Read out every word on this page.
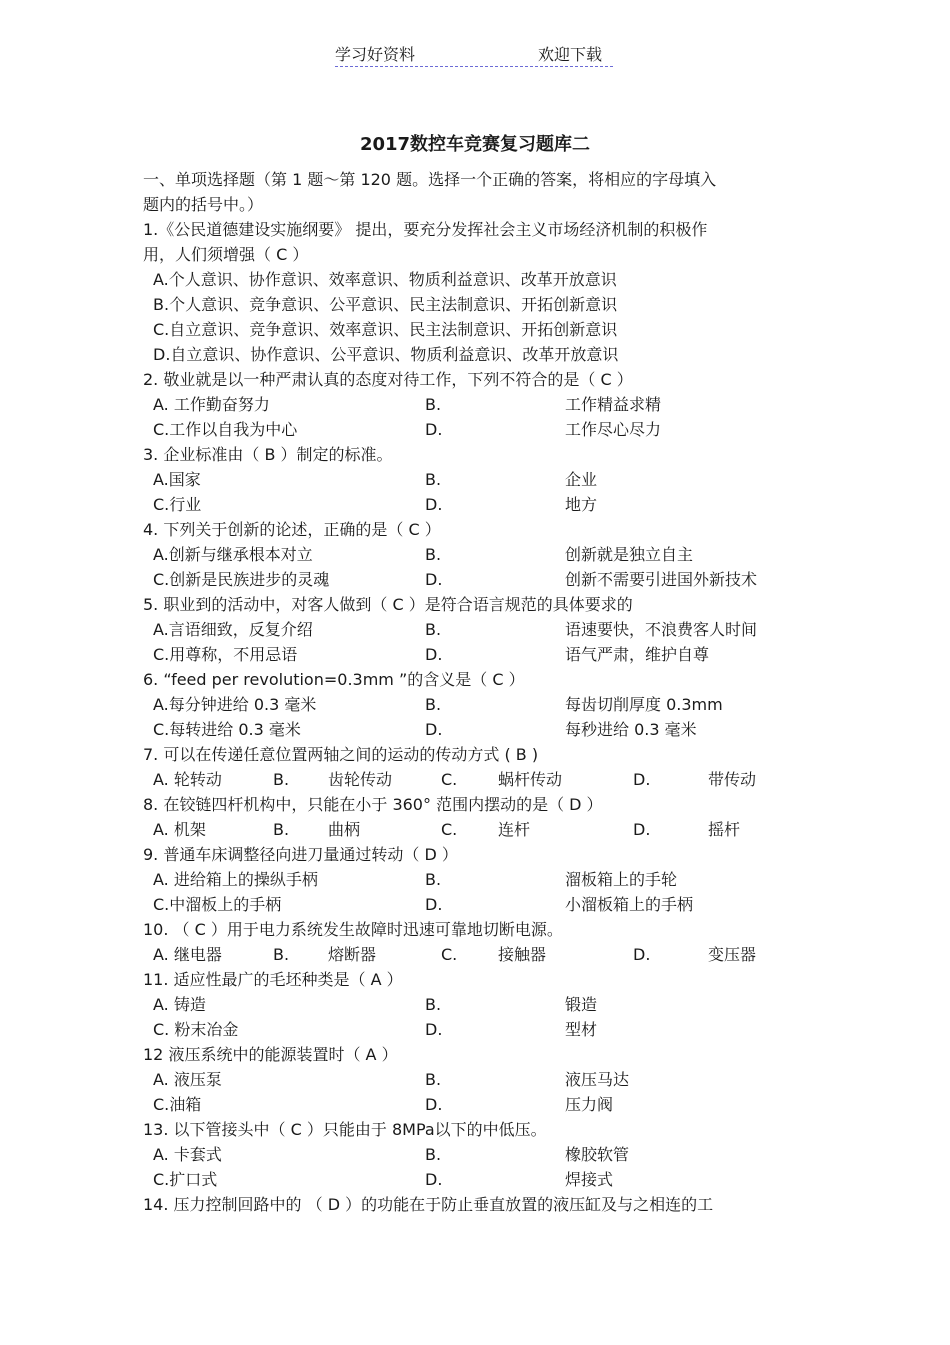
学习好资料	欢迎下载
2017数控车竞赛复习题库二
一、单项选择题（第 1 题～第 120 题。选择一个正确的答案，将相应的字母填入
题内的括号中。）
1.《公民道德建设实施纲要》 提出，要充分发挥社会主义市场经济机制的积极作
用，人们须增强（ C ）
A.个人意识、协作意识、效率意识、物质利益意识、改革开放意识
B.个人意识、竞争意识、公平意识、民主法制意识、开拓创新意识
C.自立意识、竞争意识、效率意识、民主法制意识、开拓创新意识
D.自立意识、协作意识、公平意识、物质利益意识、改革开放意识
2. 敬业就是以一种严肃认真的态度对待工作，下列不符合的是（ C ）
A. 工作勤奋努力	B.	工作精益求精
C.工作以自我为中心	D.	工作尽心尽力
3. 企业标准由（ B ）制定的标准。
A.国家	B.	企业
C.行业	D.	地方
4. 下列关于创新的论述，正确的是（ C ）
A.创新与继承根本对立	B.	创新就是独立自主
C.创新是民族进步的灵魂	D.	创新不需要引进国外新技术
5. 职业到的活动中，对客人做到（ C ）是符合语言规范的具体要求的
A.言语细致，反复介绍	B.	语速要快，不浪费客人时间
C.用尊称，不用忌语	D.	语气严肃，维护自尊
6. “feed per revolution=0.3mm ”的含义是（ C ）
A.每分钟进给 0.3 毫米	B.	每齿切削厚度 0.3mm
C.每转进给 0.3 毫米	D.	每秒进给 0.3 毫米
7. 可以在传递任意位置两轴之间的运动的传动方式 ( B )
A. 轮转动	B. 齿轮传动	C.	蜗杆传动	D.	带传动
8. 在铰链四杆机构中，只能在小于 360° 范围内摆动的是（ D ）
A. 机架	B. 曲柄	C.	连杆	D.	摇杆
9. 普通车床调整径向进刀量通过转动（ D ）
A. 进给箱上的操纵手柄	B.	溜板箱上的手轮
C.中溜板上的手柄	D.	小溜板箱上的手柄
10. （ C ）用于电力系统发生故障时迅速可靠地切断电源。
A. 继电器	B. 熔断器	C.	接触器	D.	变压器
11. 适应性最广的毛坯种类是（ A ）
A. 铸造	B.	锻造
C. 粉末冶金	D.	型材
12 液压系统中的能源装置时（ A ）
A. 液压泵	B.	液压马达
C.油箱	D.	压力阀
13. 以下管接头中（ C ）只能由于 8MPa以下的中低压。
A. 卡套式	B.	橡胶软管
C.扩口式	D.	焊接式
14. 压力控制回路中的 （ D ）的功能在于防止垂直放置的液压缸及与之相连的工
